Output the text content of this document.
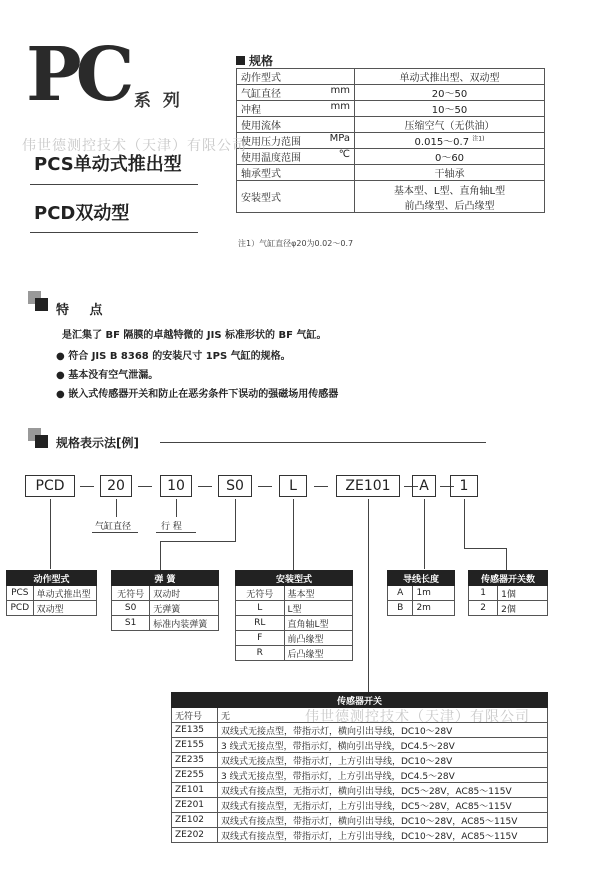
PC 系 列
PCS单动式推出型
PCD双动型
规格
动作型式	单动式推出型、双动型
气缸直径 mm	20～50
冲程 mm	10～50
使用流体	压缩空气（无供油）
使用压力范围 MPa	0.015～0.7 $^{注1)}$
使用温度范围 ℃	0～60
轴承型式	干轴承
安装型式	基本型、L型、直角轴L型
前凸缘型、后凸缘型
注1）气缸直径φ20为0.02～0.7
伟世德测控技术（天津）有限公司
伟世德测控技术（天津）有限公司
特 点
是汇集了 BF 隔膜的卓越特微的 JIS 标准形状的 BF 气缸。
● 符合 JIS B 8368 的安装尺寸 1PS 气缸的规格。
● 基本没有空气泄漏。
● 嵌入式传感器开关和防止在恶劣条件下误动的强磁场用传感器
规格表示法[例]
PCD	20	10	S0	L	ZE101	A	1
气缸直径	行 程
动作型式	
PCS	单动式推出型
PCD	双动型
弹 簧	
无符号	双动时
S0	无弹簧
S1	标准内装弹簧
安装型式	
无符号	基本型
L	L型
RL	直角轴L型
F	前凸缘型
R	后凸缘型
导线长度	
A	1m
B	2m
传感器开关数	
1	1個
2	2個
传感器开关	
无符号	无
ZE135	双线式无接点型，带指示灯，横向引出导线，DC10～28V
ZE155	3 线式无接点型，带指示灯，横向引出导线，DC4.5～28V
ZE235	双线式无接点型，带指示灯，上方引出导线，DC10～28V
ZE255	3 线式无接点型，带指示灯，上方引出导线，DC4.5～28V
ZE101	双线式有接点型，无指示灯，横向引出导线，DC5～28V，AC85～115V
ZE201	双线式有接点型，无指示灯，上方引出导线，DC5～28V，AC85～115V
ZE102	双线式有接点型，带指示灯，横向引出导线，DC10～28V，AC85～115V
ZE202	双线式有接点型，带指示灯，上方引出导线，DC10～28V，AC85～115V
